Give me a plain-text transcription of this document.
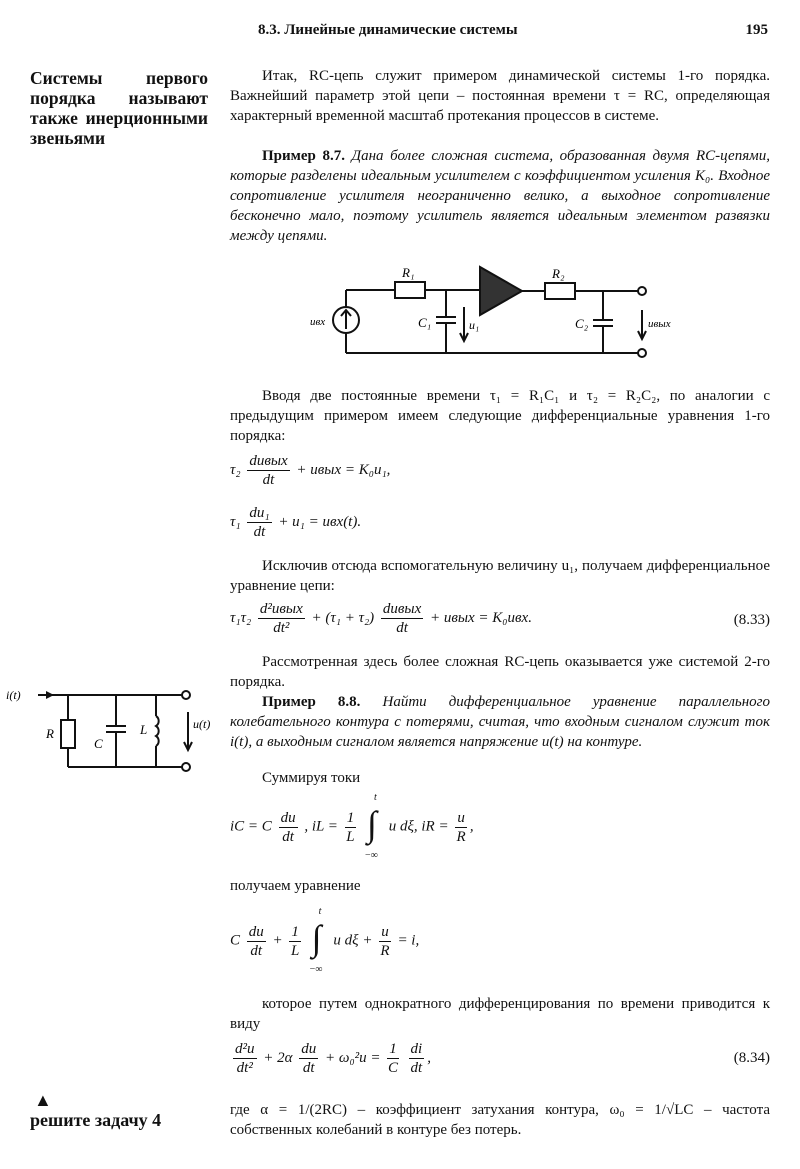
8.3. Линейные динамические системы	195
Системы первого порядка называют также инерционными звеньями

Итак, RC-цепь служит примером динамической системы 1-го порядка. Важнейший параметр этой цепи – постоянная времени τ = RC, определяющая характерный временной масштаб протекания процессов в системе.

Пример 8.7. Дана более сложная система, образованная двумя RC-цепями, которые разделены идеальным усилителем с коэффициентом усиления K₀. Входное сопротивление усилителя неограниченно велико, а выходное сопротивление бесконечно мало, поэтому усилитель является идеальным элементом развязки между цепями.

R₁	R₂
C₁	C₂
u₁
uвх	uвых

Вводя две постоянные времени τ₁ = R₁C₁ и τ₂ = R₂C₂, по аналогии с предыдущим примером имеем следующие дифференциальные уравнения 1-го порядка:

$\tau_2 \frac{\text{duвых}}{dt}$ + uвых = K₀u₁,
$\tau_1 \frac{\text{du₁}}{dt} + u_1 = uвх(t)$.

Исключив отсюда вспомогательную величину u₁, получаем дифференциальное уравнение цепи:

$\tau_1\tau_2 \frac{\text{d²uвых}}{\text{dt²}} + (\tau_1 + \tau_2) \frac{\text{duвых}}{dt}$ + uвых = K₀uвх.	(8.33)

Рассмотренная здесь более сложная RC-цепь оказывается уже системой 2-го порядка.

Пример 8.8. Найти дифференциальное уравнение параллельного колебательного контура с потерями, считая, что входным сигналом служит ток i(t), а выходным сигналом является напряжение u(t) на контуре.

i(t)
R
C
L	u(t)

Суммируя токи

iC = C $\frac{du}{dt}$ , iL = $\frac{1}{L}$

t
∫
−∞
u dξ, iR = $\frac{u}{R}$ ,

получаем уравнение

C $\frac{du}{dt} + \frac{1}{L}$

t
∫
−∞
u $d\xi + \frac{u}{R} = i$,

которое путем однократного дифференцирования по времени приводится к виду

$\frac{\text{d²u}}{\text{dt²}} + 2\alpha \frac{du}{dt} + \omega_0^2u = \frac{1}{C}$
$\frac{di}{dt}$ ,	(8.34)

где α = 1/(2RC) – коэффициент затухания контура, ω₀ = 1/√LC – частота собственных колебаний в контуре без потерь.

▲
решите задачу 4
